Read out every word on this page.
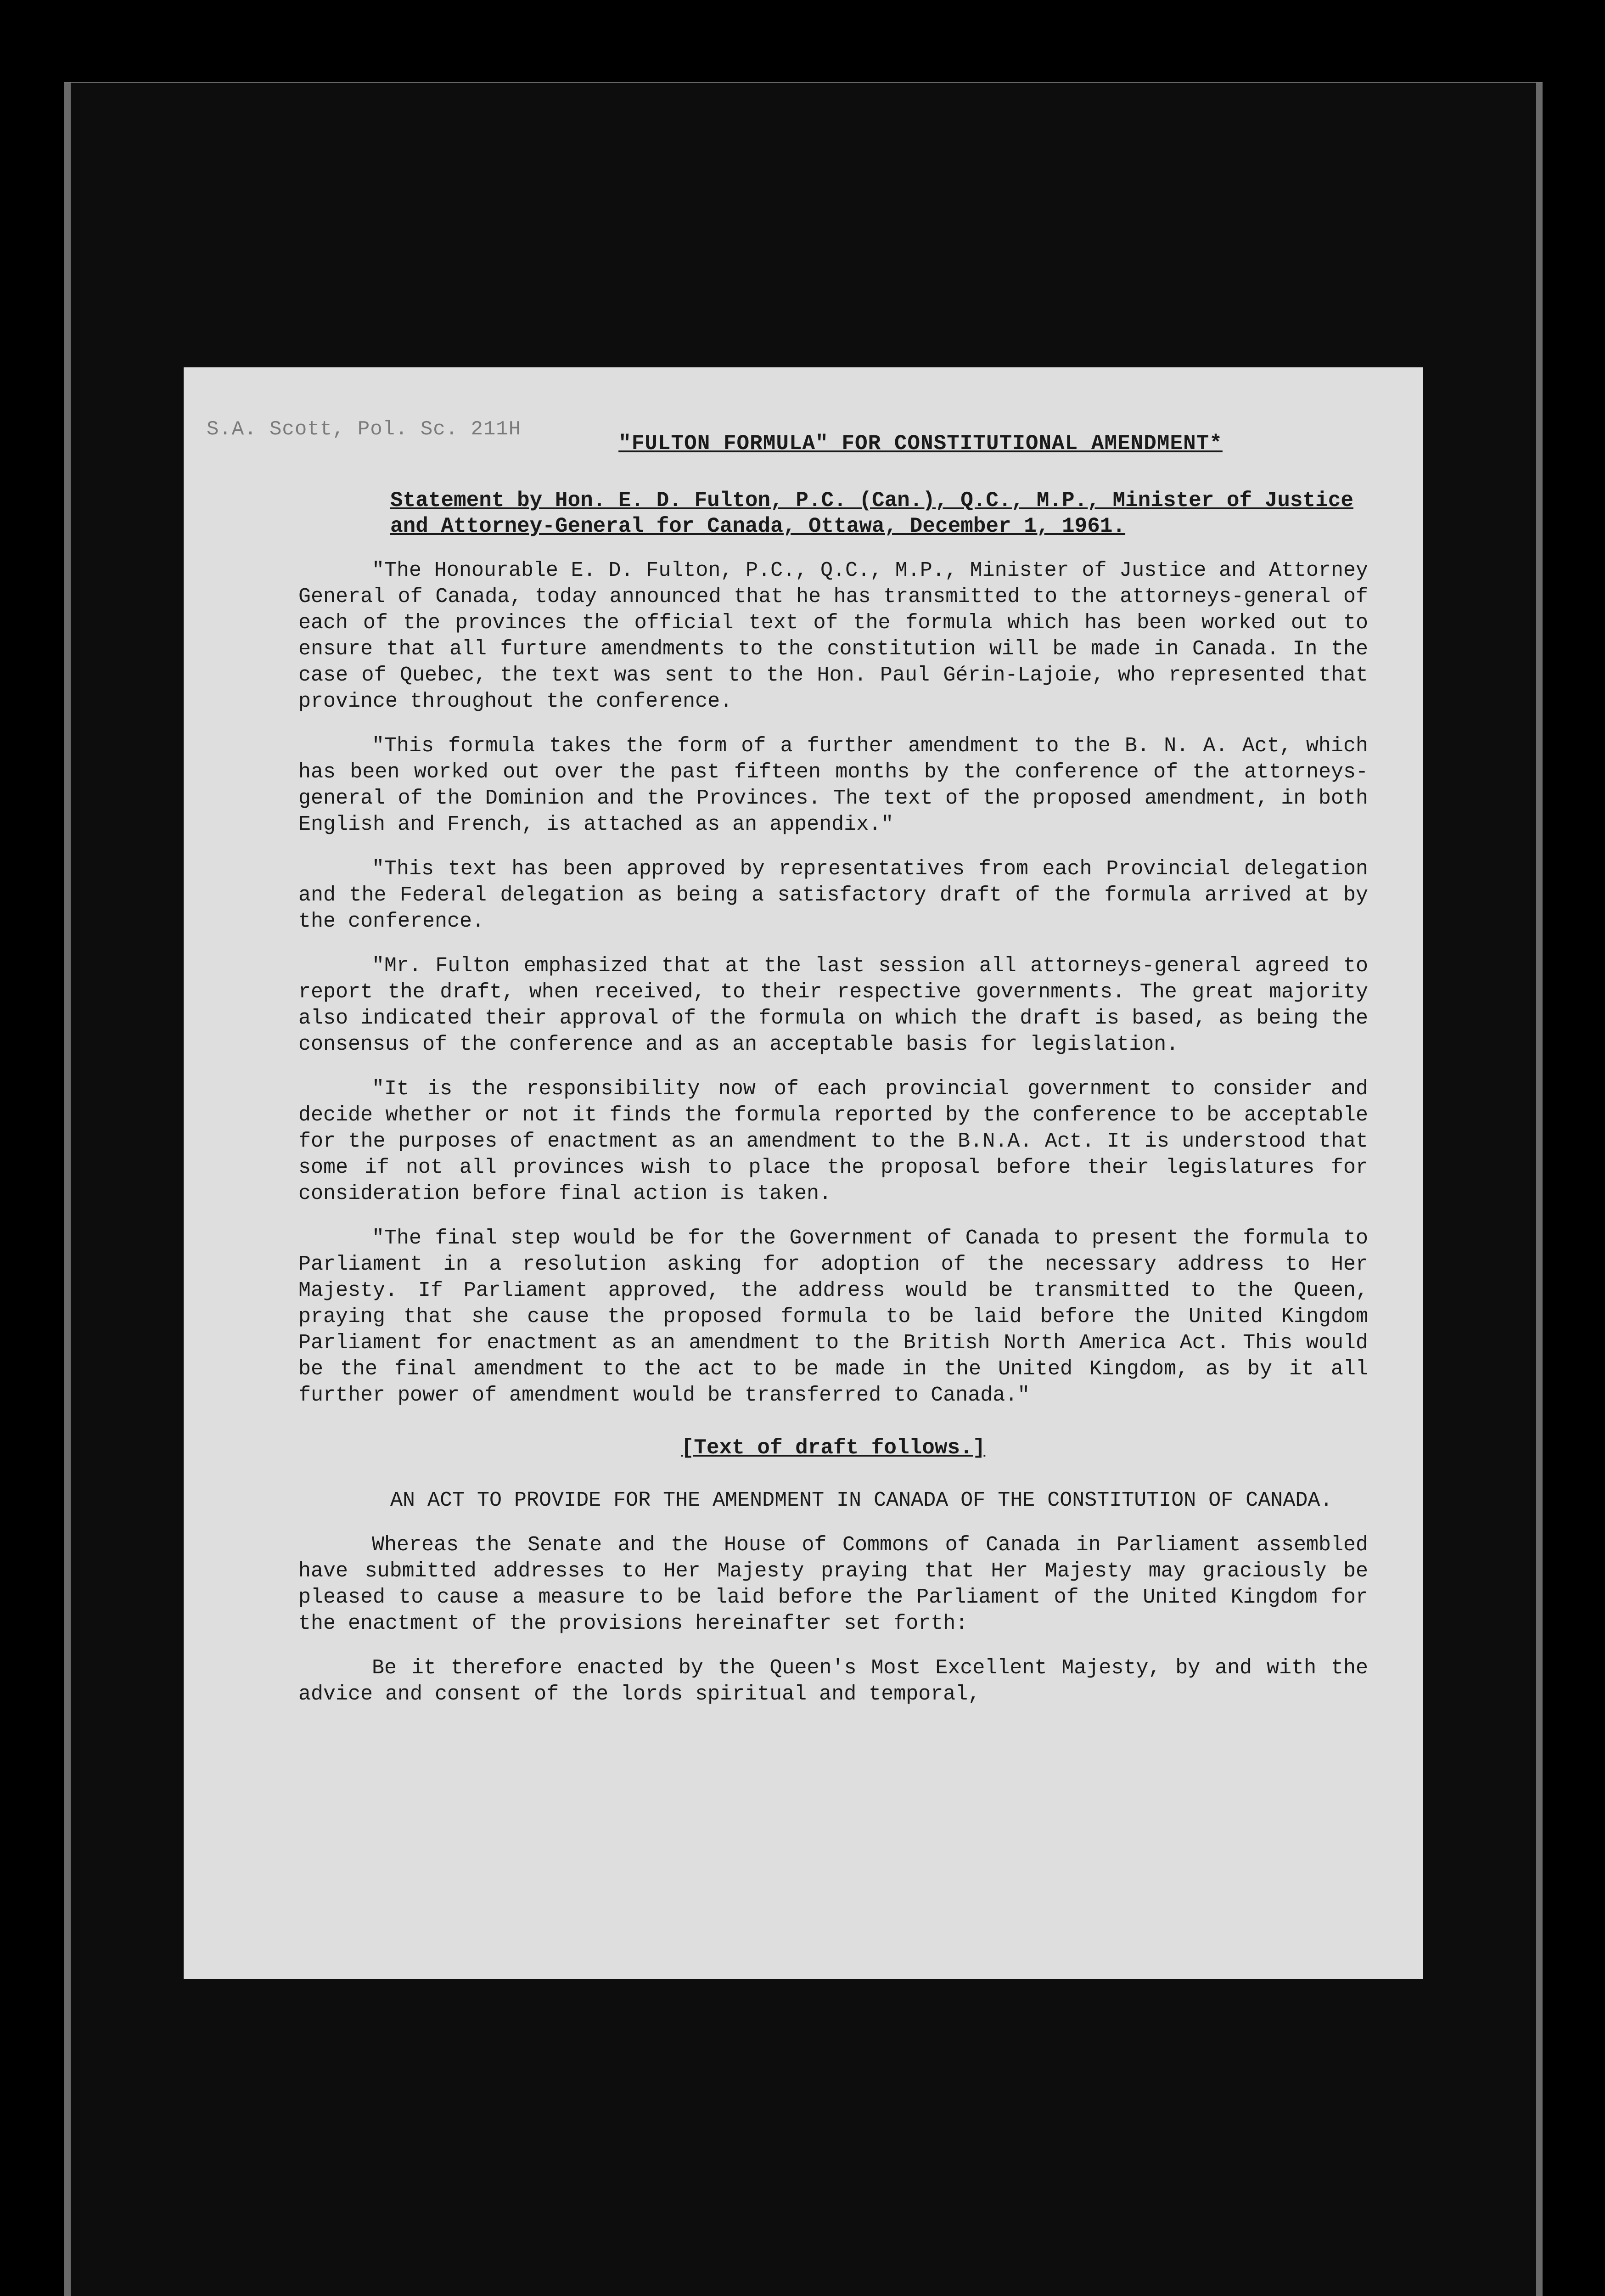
S.A. Scott, Pol. Sc. 211H
"FULTON FORMULA" FOR CONSTITUTIONAL AMENDMENT*
Statement by Hon. E. D. Fulton, P.C. (Can.), Q.C., M.P., Minister of Justice and Attorney-General for Canada, Ottawa, December 1, 1961.

"The Honourable E. D. Fulton, P.C., Q.C., M.P., Minister of Justice and Attorney General of Canada, today announced that he has transmitted to the attorneys-general of each of the provinces the official text of the formula which has been worked out to ensure that all furture amendments to the constitution will be made in Canada. In the case of Quebec, the text was sent to the Hon. Paul Gérin-Lajoie, who represented that province throughout the conference.

"This formula takes the form of a further amendment to the B. N. A. Act, which has been worked out over the past fifteen months by the conference of the attorneys-general of the Dominion and the Provinces. The text of the proposed amendment, in both English and French, is attached as an appendix."

"This text has been approved by representatives from each Provincial delegation and the Federal delegation as being a satisfactory draft of the formula arrived at by the conference.

"Mr. Fulton emphasized that at the last session all attorneys-general agreed to report the draft, when received, to their respective governments. The great majority also indicated their approval of the formula on which the draft is based, as being the consensus of the conference and as an acceptable basis for legislation.

"It is the responsibility now of each provincial government to consider and decide whether or not it finds the formula reported by the conference to be acceptable for the purposes of enactment as an amendment to the B.N.A. Act. It is understood that some if not all provinces wish to place the proposal before their legislatures for consideration before final action is taken.

"The final step would be for the Government of Canada to present the formula to Parliament in a resolution asking for adoption of the necessary address to Her Majesty. If Parliament approved, the address would be transmitted to the Queen, praying that she cause the proposed formula to be laid before the United Kingdom Parliament for enactment as an amendment to the British North America Act. This would be the final amendment to the act to be made in the United Kingdom, as by it all further power of amendment would be transferred to Canada."

[Text of draft follows.]

AN ACT TO PROVIDE FOR THE AMENDMENT IN CANADA OF THE CONSTITUTION OF CANADA.

Whereas the Senate and the House of Commons of Canada in Parliament assembled have submitted addresses to Her Majesty praying that Her Majesty may graciously be pleased to cause a measure to be laid before the Parliament of the United Kingdom for the enactment of the provisions hereinafter set forth:

Be it therefore enacted by the Queen's Most Excellent Majesty, by and with the advice and consent of the lords spiritual and temporal,
